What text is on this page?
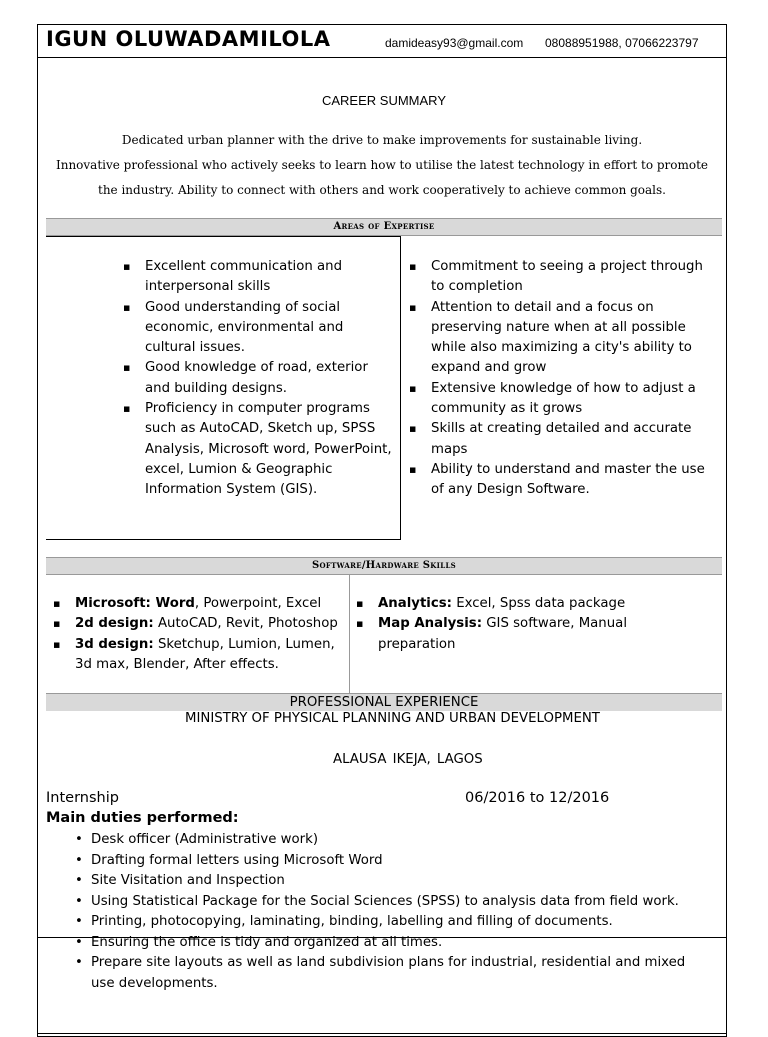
IGUN OLUWADAMILOLA	damideasy93@gmail.com 08088951988, 07066223797
CAREER SUMMARY

Dedicated urban planner with the drive to make improvements for sustainable living.

Innovative professional who actively seeks to learn how to utilise the latest technology in effort to promote

the industry. Ability to connect with others and work cooperatively to achieve common goals.

Areas of Expertise
▪ Excellent communication and interpersonal skills
▪ Good understanding of social economic, environmental and cultural issues.
▪ Good knowledge of road, exterior and building designs.
▪ Proficiency in computer programs such as AutoCAD, Sketch up, SPSS Analysis, Microsoft word, PowerPoint, excel, Lumion & Geographic Information System (GIS).
▪ Commitment to seeing a project through to completion
▪ Attention to detail and a focus on preserving nature when at all possible while also maximizing a city's ability to expand and grow
▪ Extensive knowledge of how to adjust a community as it grows
▪ Skills at creating detailed and accurate maps
▪ Ability to understand and master the use of any Design Software.
Software/Hardware Skills
▪ Microsoft: Word, Powerpoint, Excel
▪ 2d design: AutoCAD, Revit, Photoshop
▪ 3d design: Sketchup, Lumion, Lumen, 3d max, Blender, After effects.
▪ Analytics: Excel, Spss data package
▪ Map Analysis: GIS software, Manual preparation
PROFESSIONAL EXPERIENCE
MINISTRY OF PHYSICAL PLANNING AND URBAN DEVELOPMENT
ALAUSA IKEJA, LAGOS
Internship	06/2016 to 12/2016
Main duties performed:
• Desk officer (Administrative work)
• Drafting formal letters using Microsoft Word
• Site Visitation and Inspection
• Using Statistical Package for the Social Sciences (SPSS) to analysis data from field work.
• Printing, photocopying, laminating, binding, labelling and filling of documents.
• Ensuring the office is tidy and organized at all times.
• Prepare site layouts as well as land subdivision plans for industrial, residential and mixed use developments.
